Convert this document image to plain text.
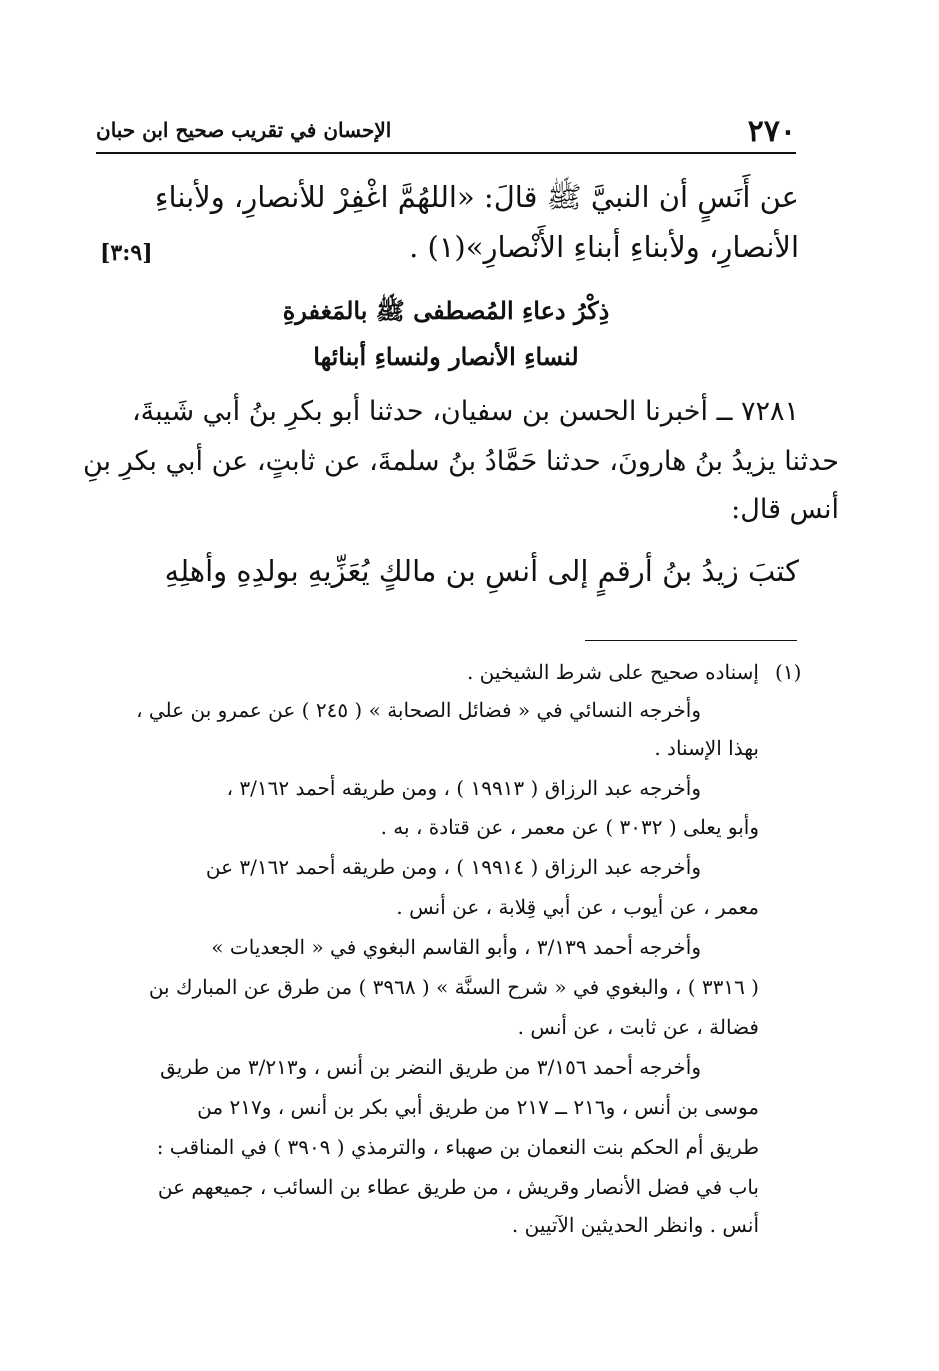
٢٧٠
الإحسان في تقريب صحيح ابن حبان
عن أَنَسٍ أن النبيَّ ﷺ قالَ: «اللهُمَّ اغْفِرْ للأنصارِ، ولأبناءِ
الأنصارِ، ولأبناءِ أبناءِ الأَنْصارِ»(١) .
[٣:٩]
ذِكْرُ دعاءِ المُصطفى ﷺ بالمَغفرةِ
لنساءِ الأنصار ولنساءِ أبنائها
٧٢٨١ ــ أخبرنا الحسن بن سفيان، حدثنا أبو بكرِ بنُ أبي شَيبةَ،
حدثنا يزيدُ بنُ هارونَ، حدثنا حَمَّادُ بنُ سلمةَ، عن ثابتٍ، عن أبي بكرِ بنِ
أنس قال:
كتبَ زيدُ بنُ أرقمٍ إلى أنسِ بن مالكٍ يُعَزِّيهِ بولدِهِ وأهلِهِ
(١)
إسناده صحيح على شرط الشيخين .
وأخرجه النسائي في « فضائل الصحابة » ( ٢٤٥ ) عن عمرو بن علي ،
بهذا الإسناد .
وأخرجه عبد الرزاق ( ١٩٩١٣ ) ، ومن طريقه أحمد ٣/١٦٢ ،
وأبو يعلى ( ٣٠٣٢ ) عن معمر ، عن قتادة ، به .
وأخرجه عبد الرزاق ( ١٩٩١٤ ) ، ومن طريقه أحمد ٣/١٦٢ عن
معمر ، عن أيوب ، عن أبي قِلابة ، عن أنس .
وأخرجه أحمد ٣/١٣٩ ، وأبو القاسم البغوي في « الجعديات »
( ٣٣١٦ ) ، والبغوي في « شرح السنَّة » ( ٣٩٦٨ ) من طرق عن المبارك بن
فضالة ، عن ثابت ، عن أنس .
وأخرجه أحمد ٣/١٥٦ من طريق النضر بن أنس ، و٣/٢١٣ من طريق
موسى بن أنس ، و٢١٦ ــ ٢١٧ من طريق أبي بكر بن أنس ، و٢١٧ من
طريق أم الحكم بنت النعمان بن صهباء ، والترمذي ( ٣٩٠٩ ) في المناقب :
باب في فضل الأنصار وقريش ، من طريق عطاء بن السائب ، جميعهم عن
أنس . وانظر الحديثين الآتيين .
